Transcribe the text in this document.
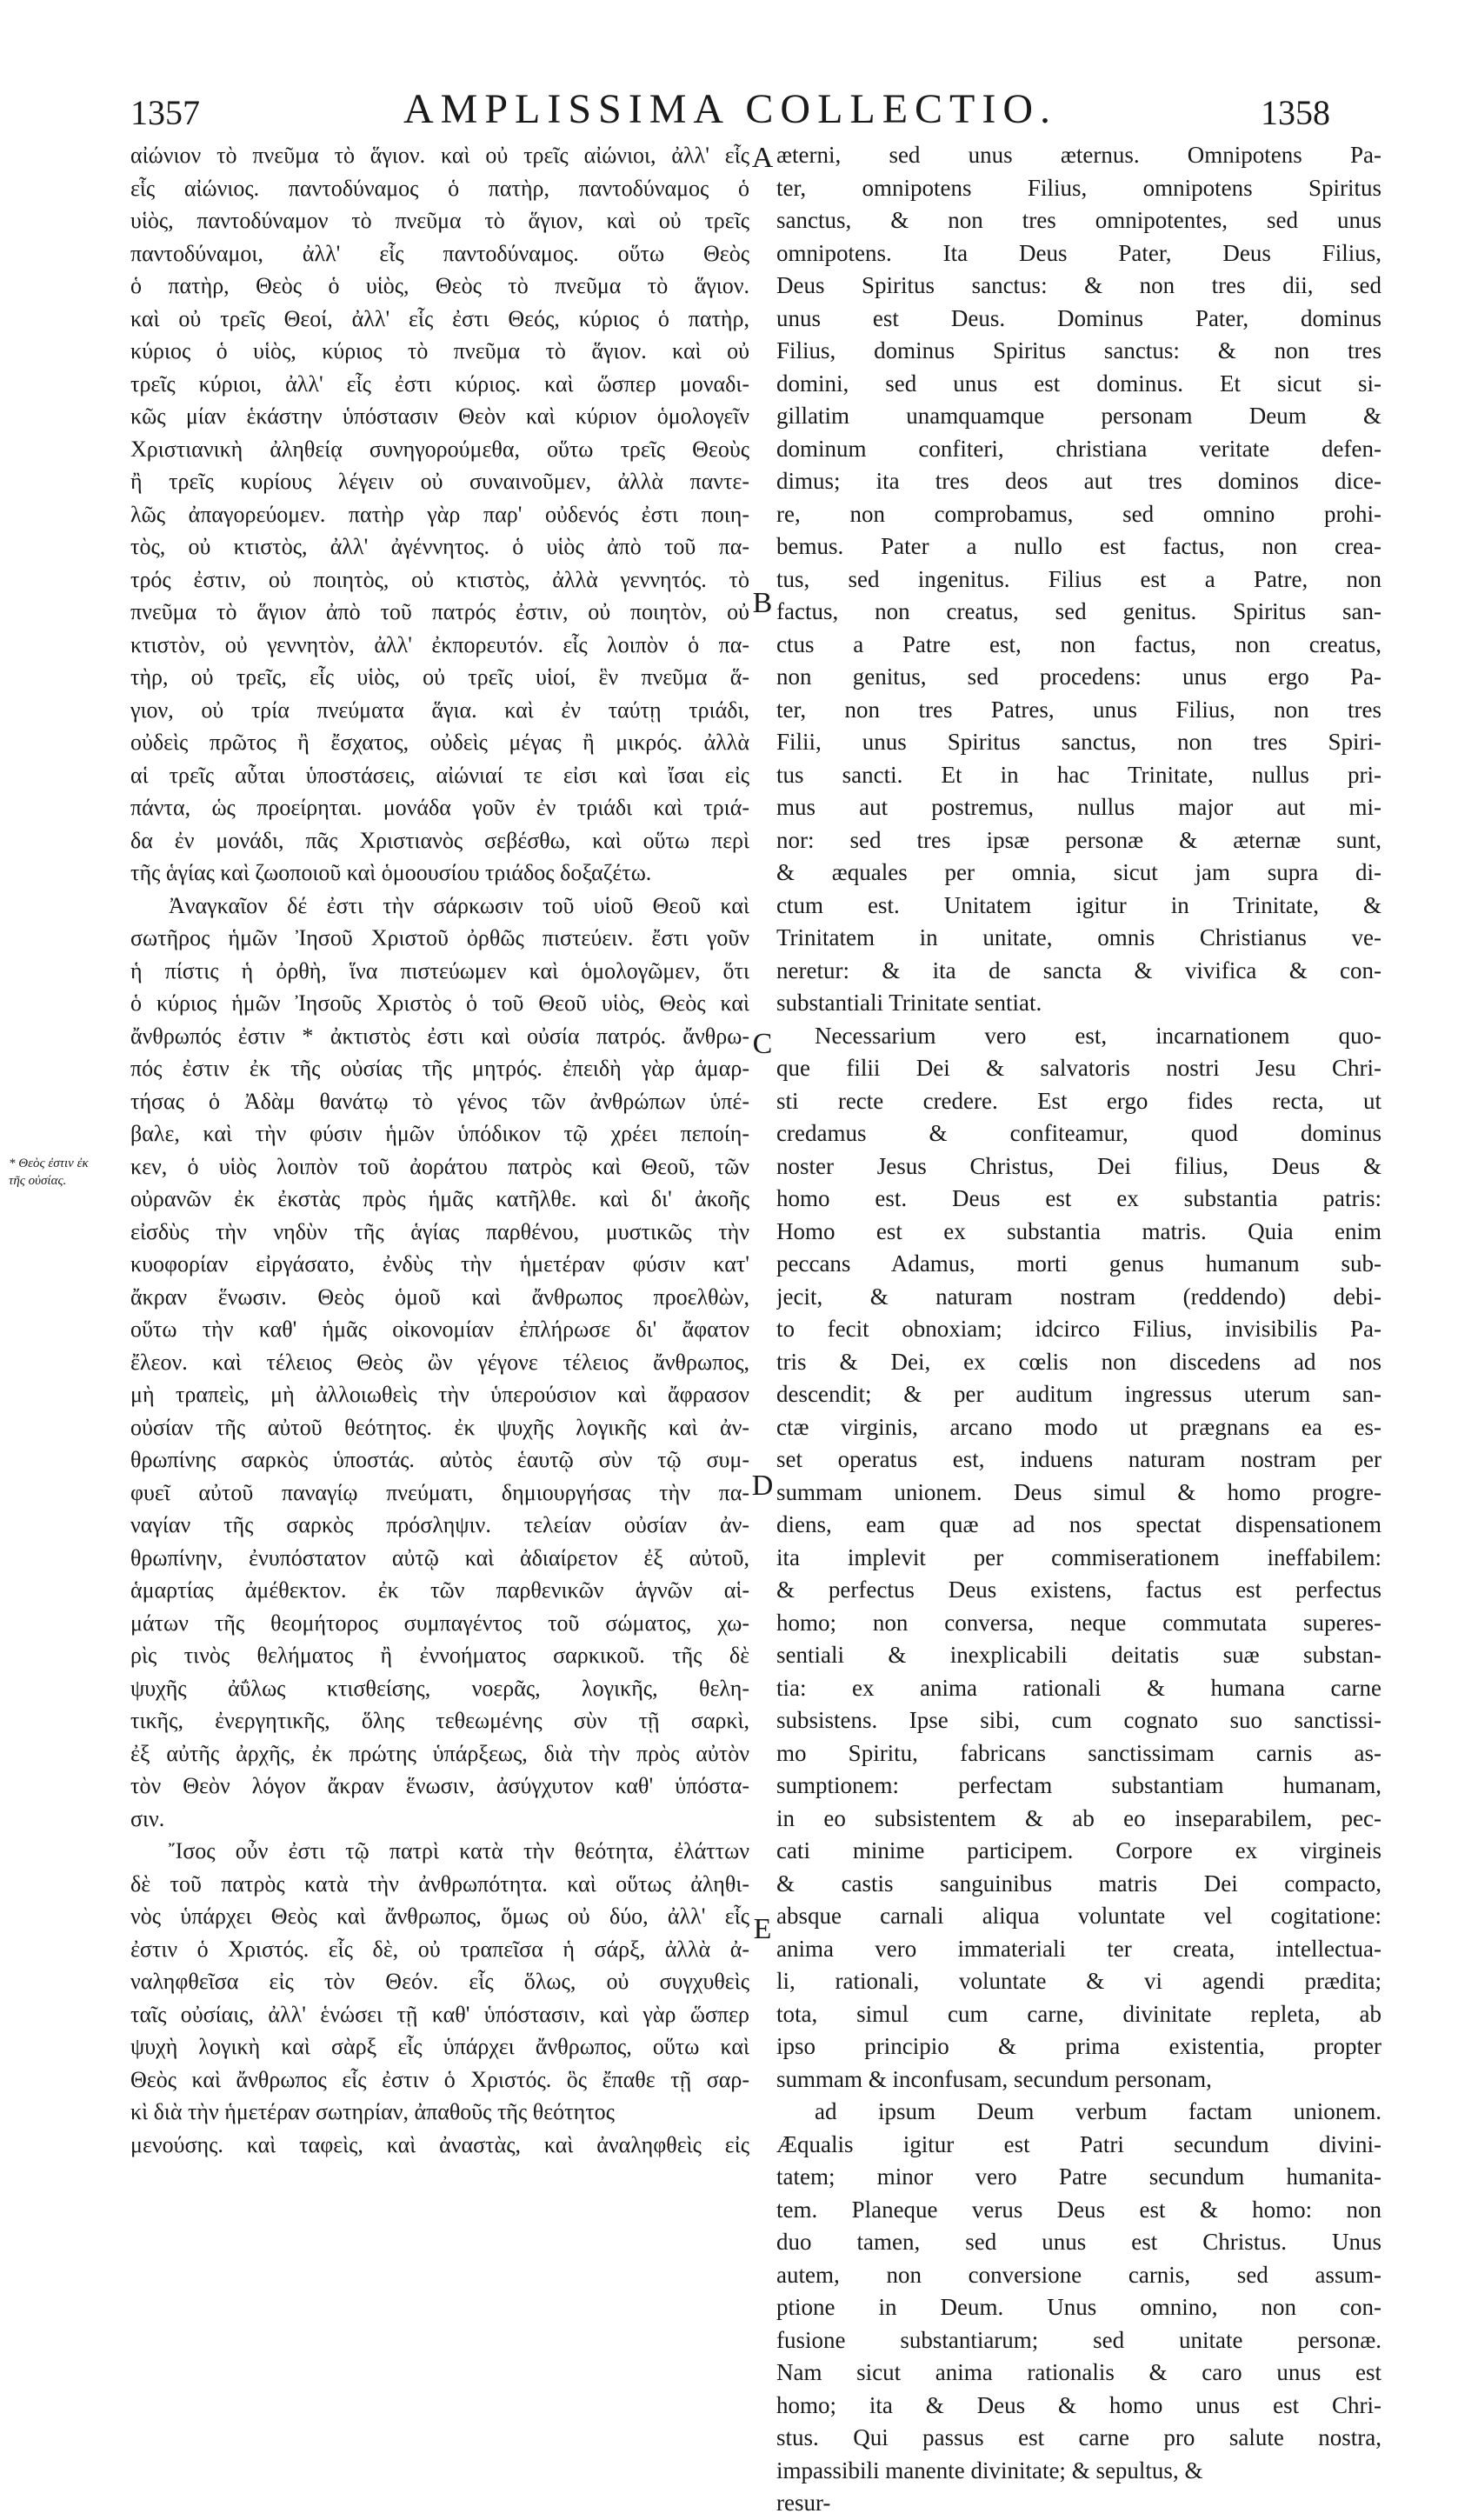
1357	AMPLISSIMA COLLECTIO.	1358
* Θεὸς ἐστιν ἐκ τῆς οὐσίας.
αἰώνιον τὸ πνεῦμα τὸ ἅγιον. καὶ οὐ τρεῖς αἰώνιοι, ἀλλ' εἷς
εἷς αἰώνιος. παντοδύναμος ὁ πατὴρ, παντοδύναμος ὁ
υἱὸς, παντοδύναμον τὸ πνεῦμα τὸ ἅγιον, καὶ οὐ τρεῖς
παντοδύναμοι, ἀλλ' εἷς παντοδύναμος. οὕτω Θεὸς
ὁ πατὴρ, Θεὸς ὁ υἱὸς, Θεὸς τὸ πνεῦμα τὸ ἅγιον.
καὶ οὐ τρεῖς Θεοί, ἀλλ' εἷς ἐστι Θεός, κύριος ὁ πατὴρ,
κύριος ὁ υἱὸς, κύριος τὸ πνεῦμα τὸ ἅγιον. καὶ οὐ
τρεῖς κύριοι, ἀλλ' εἷς ἐστι κύριος. καὶ ὥσπερ μοναδι-
κῶς μίαν ἑκάστην ὑπόστασιν Θεὸν καὶ κύριον ὁμολογεῖν
Χριστιανικὴ ἀληθείᾳ συνηγορούμεθα, οὕτω τρεῖς Θεοὺς
ἢ τρεῖς κυρίους λέγειν οὐ συναινοῦμεν, ἀλλὰ παντε-
λῶς ἀπαγορεύομεν. πατὴρ γὰρ παρ' οὐδενός ἐστι ποιη-
τὸς, οὐ κτιστὸς, ἀλλ' ἀγέννητος. ὁ υἱὸς ἀπὸ τοῦ πα-
τρός ἐστιν, οὐ ποιητὸς, οὐ κτιστὸς, ἀλλὰ γεννητός. τὸ
πνεῦμα τὸ ἅγιον ἀπὸ τοῦ πατρός ἐστιν, οὐ ποιητὸν, οὐ
κτιστὸν, οὐ γεννητὸν, ἀλλ' ἐκπορευτόν. εἷς λοιπὸν ὁ πα-
τὴρ, οὐ τρεῖς, εἷς υἱὸς, οὐ τρεῖς υἱοί, ἓν πνεῦμα ἅ-
γιον, οὐ τρία πνεύματα ἅγια. καὶ ἐν ταύτῃ τριάδι,
οὐδεὶς πρῶτος ἢ ἔσχατος, οὐδεὶς μέγας ἢ μικρός. ἀλλὰ
αἱ τρεῖς αὗται ὑποστάσεις, αἰώνιαί τε εἰσι καὶ ἴσαι εἰς
πάντα, ὡς προείρηται. μονάδα γοῦν ἐν τριάδι καὶ τριά-
δα ἐν μονάδι, πᾶς Χριστιανὸς σεβέσθω, καὶ οὕτω περὶ
τῆς ἁγίας καὶ ζωοποιοῦ καὶ ὁμοουσίου τριάδος δοξαζέτω.
Ἀναγκαῖον δέ ἐστι τὴν σάρκωσιν τοῦ υἱοῦ Θεοῦ καὶ
σωτῆρος ἡμῶν Ἰησοῦ Χριστοῦ ὀρθῶς πιστεύειν. ἔστι γοῦν
ἡ πίστις ἡ ὀρθὴ, ἵνα πιστεύωμεν καὶ ὁμολογῶμεν, ὅτι
ὁ κύριος ἡμῶν Ἰησοῦς Χριστὸς ὁ τοῦ Θεοῦ υἱὸς, Θεὸς καὶ
ἄνθρωπός ἐστιν * ἀκτιστὸς ἐστι καὶ οὐσία πατρός. ἄνθρω-
πός ἐστιν ἐκ τῆς οὐσίας τῆς μητρός. ἐπειδὴ γὰρ ἁμαρ-
τήσας ὁ Ἀδὰμ θανάτῳ τὸ γένος τῶν ἀνθρώπων ὑπέ-
βαλε, καὶ τὴν φύσιν ἡμῶν ὑπόδικον τῷ χρέει πεποίη-
κεν, ὁ υἱὸς λοιπὸν τοῦ ἀοράτου πατρὸς καὶ Θεοῦ, τῶν
οὐρανῶν ἐκ ἐκστὰς πρὸς ἡμᾶς κατῆλθε. καὶ δι' ἀκοῆς
εἰσδὺς τὴν νηδὺν τῆς ἁγίας παρθένου, μυστικῶς τὴν
κυοφορίαν εἰργάσατο, ἐνδὺς τὴν ἡμετέραν φύσιν κατ'
ἄκραν ἕνωσιν. Θεὸς ὁμοῦ καὶ ἄνθρωπος προελθὼν,
οὕτω τὴν καθ' ἡμᾶς οἰκονομίαν ἐπλήρωσε δι' ἄφατον
ἔλεον. καὶ τέλειος Θεὸς ὢν γέγονε τέλειος ἄνθρωπος,
μὴ τραπεὶς, μὴ ἀλλοιωθεὶς τὴν ὑπερούσιον καὶ ἄφρασον
οὐσίαν τῆς αὐτοῦ θεότητος. ἐκ ψυχῆς λογικῆς καὶ ἀν-
θρωπίνης σαρκὸς ὑποστάς. αὐτὸς ἑαυτῷ σὺν τῷ συμ-
φυεῖ αὐτοῦ παναγίῳ πνεύματι, δημιουργήσας τὴν πα-
ναγίαν τῆς σαρκὸς πρόσληψιν. τελείαν οὐσίαν ἀν-
θρωπίνην, ἐνυπόστατον αὐτῷ καὶ ἀδιαίρετον ἐξ αὐτοῦ,
ἁμαρτίας ἀμέθεκτον. ἐκ τῶν παρθενικῶν ἁγνῶν αἱ-
μάτων τῆς θεομήτορος συμπαγέντος τοῦ σώματος, χω-
ρὶς τινὸς θελήματος ἢ ἐννοήματος σαρκικοῦ. τῆς δὲ
ψυχῆς ἀΰλως κτισθείσης, νοερᾶς, λογικῆς, θελη-
τικῆς, ἐνεργητικῆς, ὅλης τεθεωμένης σὺν τῇ σαρκὶ,
ἐξ αὐτῆς ἀρχῆς, ἐκ πρώτης ὑπάρξεως, διὰ τὴν πρὸς αὐτὸν
τὸν Θεὸν λόγον ἄκραν ἕνωσιν, ἀσύγχυτον καθ' ὑπόστα-
σιν.
Ἴσος οὖν ἐστι τῷ πατρὶ κατὰ τὴν θεότητα, ἐλάττων
δὲ τοῦ πατρὸς κατὰ τὴν ἀνθρωπότητα. καὶ οὕτως ἀληθι-
νὸς ὑπάρχει Θεὸς καὶ ἄνθρωπος, ὅμως οὐ δύο, ἀλλ' εἷς
ἐστιν ὁ Χριστός. εἷς δὲ, οὐ τραπεῖσα ἡ σάρξ, ἀλλὰ ἀ-
ναληφθεῖσα εἰς τὸν Θεόν. εἷς ὅλως, οὐ συγχυθεὶς
ταῖς οὐσίαις, ἀλλ' ἑνώσει τῇ καθ' ὑπόστασιν, καὶ γὰρ ὥσπερ
ψυχὴ λογικὴ καὶ σὰρξ εἷς ὑπάρχει ἄνθρωπος, οὕτω καὶ
Θεὸς καὶ ἄνθρωπος εἷς ἐστιν ὁ Χριστός. ὃς ἔπαθε τῇ σαρ-
κὶ διὰ τὴν ἡμετέραν σωτηρίαν, ἀπαθοῦς τῆς θεότητος
μενούσης. καὶ ταφεὶς, καὶ ἀναστὰς, καὶ ἀναληφθεὶς εἰς
æterni, sed unus æternus. Omnipotens Pa-
ter, omnipotens Filius, omnipotens Spiritus
sanctus, & non tres omnipotentes, sed unus
omnipotens. Ita Deus Pater, Deus Filius,
Deus Spiritus sanctus: & non tres dii, sed
unus est Deus. Dominus Pater, dominus
Filius, dominus Spiritus sanctus: & non tres
domini, sed unus est dominus. Et sicut si-
gillatim unamquamque personam Deum &
dominum confiteri, christiana veritate defen-
dimus; ita tres deos aut tres dominos dice-
re, non comprobamus, sed omnino prohi-
bemus. Pater a nullo est factus, non crea-
tus, sed ingenitus. Filius est a Patre, non
factus, non creatus, sed genitus. Spiritus san-
ctus a Patre est, non factus, non creatus,
non genitus, sed procedens: unus ergo Pa-
ter, non tres Patres, unus Filius, non tres
Filii, unus Spiritus sanctus, non tres Spiri-
tus sancti. Et in hac Trinitate, nullus pri-
mus aut postremus, nullus major aut mi-
nor: sed tres ipsæ personæ & æternæ sunt,
& æquales per omnia, sicut jam supra di-
ctum est. Unitatem igitur in Trinitate, &
Trinitatem in unitate, omnis Christianus ve-
neretur: & ita de sancta & vivifica & con-
substantiali Trinitate sentiat.
Necessarium vero est, incarnationem quo-
que filii Dei & salvatoris nostri Jesu Chri-
sti recte credere. Est ergo fides recta, ut
credamus & confiteamur, quod dominus
noster Jesus Christus, Dei filius, Deus &
homo est. Deus est ex substantia patris:
Homo est ex substantia matris. Quia enim
peccans Adamus, morti genus humanum sub-
jecit, & naturam nostram (reddendo) debi-
to fecit obnoxiam; idcirco Filius, invisibilis Pa-
tris & Dei, ex cœlis non discedens ad nos
descendit; & per auditum ingressus uterum san-
ctæ virginis, arcano modo ut prægnans ea es-
set operatus est, induens naturam nostram per
summam unionem. Deus simul & homo progre-
diens, eam quæ ad nos spectat dispensationem
ita implevit per commiserationem ineffabilem:
& perfectus Deus existens, factus est perfectus
homo; non conversa, neque commutata superes-
sentiali & inexplicabili deitatis suæ substan-
tia: ex anima rationali & humana carne
subsistens. Ipse sibi, cum cognato suo sanctissi-
mo Spiritu, fabricans sanctissimam carnis as-
sumptionem: perfectam substantiam humanam,
in eo subsistentem & ab eo inseparabilem, pec-
cati minime participem. Corpore ex virgineis
& castis sanguinibus matris Dei compacto,
absque carnali aliqua voluntate vel cogitatione:
anima vero immateriali ter creata, intellectua-
li, rationali, voluntate & vi agendi prædita;
tota, simul cum carne, divinitate repleta, ab
ipso principio & prima existentia, propter
summam & inconfusam, secundum personam,
ad ipsum Deum verbum factam unionem.
Æqualis igitur est Patri secundum divini-
tatem; minor vero Patre secundum humanita-
tem. Planeque verus Deus est & homo: non
duo tamen, sed unus est Christus. Unus
autem, non conversione carnis, sed assum-
ptione in Deum. Unus omnino, non con-
fusione substantiarum; sed unitate personæ.
Nam sicut anima rationalis & caro unus est
homo; ita & Deus & homo unus est Chri-
stus. Qui passus est carne pro salute nostra,
impassibili manente divinitate; & sepultus, &
resur-
A
B
C
D
E
